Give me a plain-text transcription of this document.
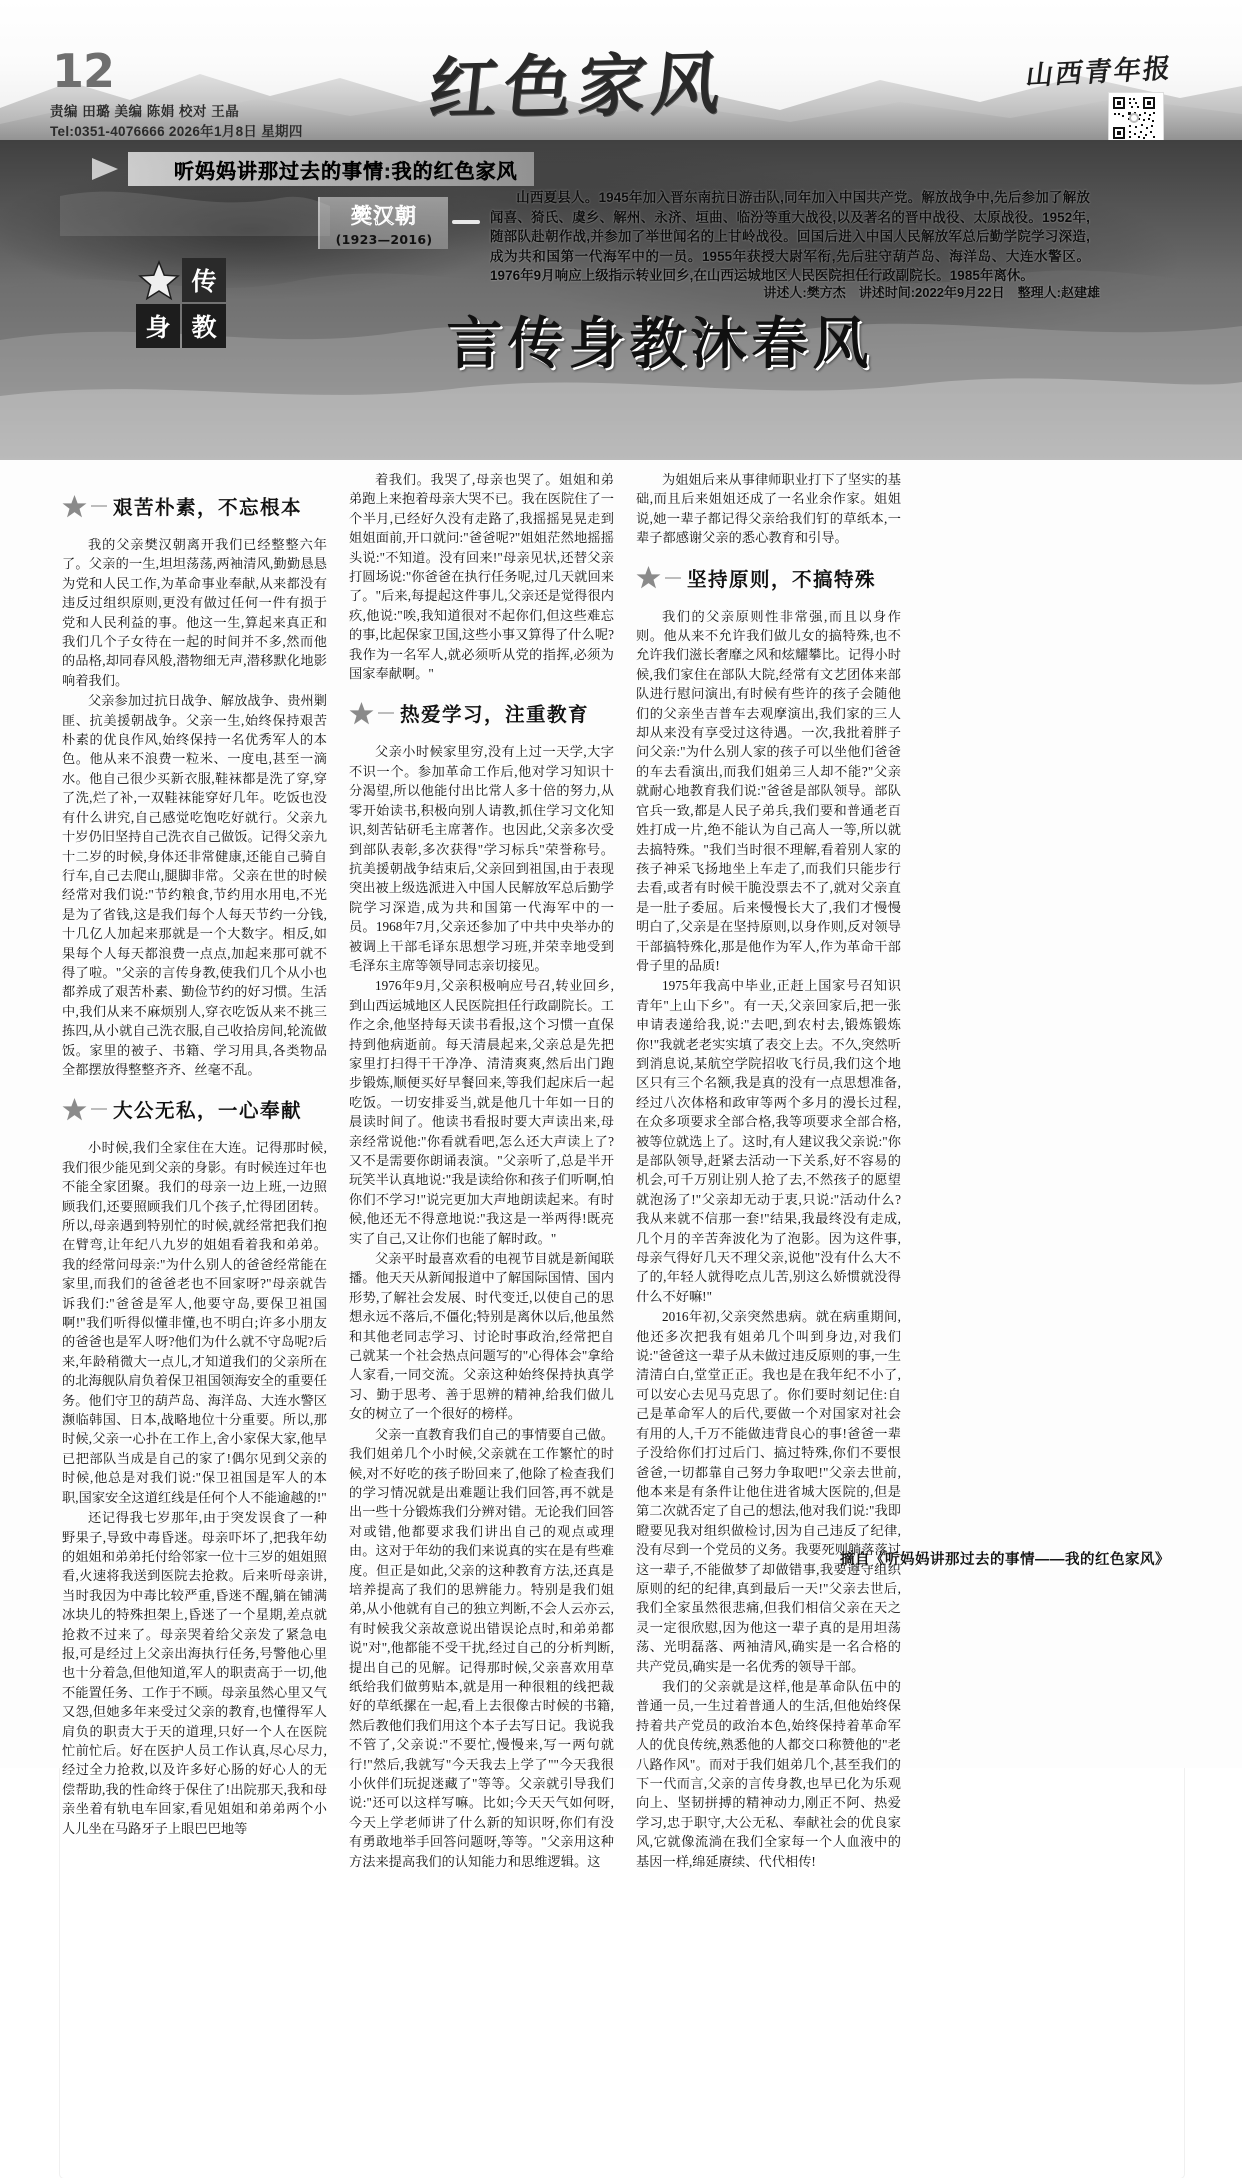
12
责编 田璐 美编 陈娟 校对 王晶
Tel:0351-4076666 2026年1月8日 星期四
红色家风	山西青年报
听妈妈讲那过去的事情:我的红色家风
樊汉朝
(1923—2016)
山西夏县人。1945年加入晋东南抗日游击队,同年加入中国共产党。解放战争中,先后参加了解放闻喜、猗氏、虞乡、解州、永济、垣曲、临汾等重大战役,以及著名的晋中战役、太原战役。1952年,随部队赴朝作战,并参加了举世闻名的上甘岭战役。回国后进入中国人民解放军总后勤学院学习深造,成为共和国第一代海军中的一员。1955年获授大尉军衔,先后驻守葫芦岛、海洋岛、大连水警区。1976年9月响应上级指示转业回乡,在山西运城地区人民医院担任行政副院长。1985年离休。
讲述人:樊方杰　讲述时间:2022年9月22日　整理人:赵建雄
传
身 教	言传身教沐春风
艰苦朴素，不忘根本

我的父亲樊汉朝离开我们已经整整六年了。父亲的一生,坦坦荡荡,两袖清风,勤勤恳恳为党和人民工作,为革命事业奉献,从来都没有违反过组织原则,更没有做过任何一件有损于党和人民利益的事。他这一生,算起来真正和我们几个子女待在一起的时间并不多,然而他的品格,却同春风般,潜物细无声,潜移默化地影响着我们。

父亲参加过抗日战争、解放战争、贵州剿匪、抗美援朝战争。父亲一生,始终保持艰苦朴素的优良作风,始终保持一名优秀军人的本色。他从来不浪费一粒米、一度电,甚至一滴水。他自己很少买新衣服,鞋袜都是洗了穿,穿了洗,烂了补,一双鞋袜能穿好几年。吃饭也没有什么讲究,自己感觉吃饱吃好就行。父亲九十岁仍旧坚持自己洗衣自己做饭。记得父亲九十二岁的时候,身体还非常健康,还能自己骑自行车,自己去爬山,腿脚非常。父亲在世的时候经常对我们说:"节约粮食,节约用水用电,不光是为了省钱,这是我们每个人每天节约一分钱,十几亿人加起来那就是一个大数字。相反,如果每个人每天都浪费一点点,加起来那可就不得了啦。"父亲的言传身教,使我们几个从小也都养成了艰苦朴素、勤俭节约的好习惯。生活中,我们从来不麻烦别人,穿衣吃饭从来不挑三拣四,从小就自己洗衣服,自己收拾房间,轮流做饭。家里的被子、书籍、学习用具,各类物品全都摆放得整整齐齐、丝毫不乱。

大公无私，一心奉献

小时候,我们全家住在大连。记得那时候,我们很少能见到父亲的身影。有时候连过年也不能全家团聚。我们的母亲一边上班,一边照顾我们,还要照顾我们几个孩子,忙得团团转。所以,母亲遇到特别忙的时候,就经常把我们抱在臂弯,让年纪八九岁的姐姐看着我和弟弟。我的经常问母亲:"为什么别人的爸爸经常能在家里,而我们的爸爸老也不回家呀?"母亲就告诉我们:"爸爸是军人,他要守岛,要保卫祖国啊!"我们听得似懂非懂,也不明白;许多小朋友的爸爸也是军人呀?他们为什么就不守岛呢?后来,年龄稍微大一点儿,才知道我们的父亲所在的北海舰队肩负着保卫祖国领海安全的重要任务。他们守卫的葫芦岛、海洋岛、大连水警区濒临韩国、日本,战略地位十分重要。所以,那时候,父亲一心扑在工作上,舍小家保大家,他早已把部队当成是自己的家了!偶尔见到父亲的时候,他总是对我们说:"保卫祖国是军人的本职,国家安全这道红线是任何个人不能逾越的!"

还记得我七岁那年,由于突发误食了一种野果子,导致中毒昏迷。母亲吓坏了,把我年幼的姐姐和弟弟托付给邻家一位十三岁的姐姐照看,火速将我送到医院去抢救。后来听母亲讲,当时我因为中毒比较严重,昏迷不醒,躺在铺满冰块儿的特殊担架上,昏迷了一个星期,差点就抢救不过来了。母亲哭着给父亲发了紧急电报,可是经过上父亲出海执行任务,号警他心里也十分着急,但他知道,军人的职责高于一切,他不能置任务、工作于不顾。母亲虽然心里又气又怨,但她多年来受过父亲的教育,也懂得军人肩负的职责大于天的道理,只好一个人在医院忙前忙后。好在医护人员工作认真,尽心尽力,经过全力抢救,以及许多好心肠的好心人的无偿帮助,我的性命终于保住了!出院那天,我和母亲坐着有轨电车回家,看见姐姐和弟弟两个小人儿坐在马路牙子上眼巴巴地等

着我们。我哭了,母亲也哭了。姐姐和弟弟跑上来抱着母亲大哭不已。我在医院住了一个半月,已经好久没有走路了,我摇摇晃晃走到姐姐面前,开口就问:"爸爸呢?"姐姐茫然地摇摇头说:"不知道。没有回来!"母亲见状,还替父亲打圆场说:"你爸爸在执行任务呢,过几天就回来了。"后来,每提起这件事儿,父亲还是觉得很内疚,他说:"唉,我知道很对不起你们,但这些难忘的事,比起保家卫国,这些小事又算得了什么呢?我作为一名军人,就必须听从党的指挥,必须为国家奉献啊。"

热爱学习，注重教育

父亲小时候家里穷,没有上过一天学,大字不识一个。参加革命工作后,他对学习知识十分渴望,所以他能付出比常人多十倍的努力,从零开始读书,积极向别人请教,抓住学习文化知识,刻苦钻研毛主席著作。也因此,父亲多次受到部队表彰,多次获得"学习标兵"荣誉称号。抗美援朝战争结束后,父亲回到祖国,由于表现突出被上级选派进入中国人民解放军总后勤学院学习深造,成为共和国第一代海军中的一员。1968年7月,父亲还参加了中共中央举办的被调上干部毛译东思想学习班,并荣幸地受到毛泽东主席等领导同志亲切接见。

1976年9月,父亲积极响应号召,转业回乡,到山西运城地区人民医院担任行政副院长。工作之余,他坚持每天读书看报,这个习惯一直保持到他病逝前。每天清晨起来,父亲总是先把家里打扫得干干净净、清清爽爽,然后出门跑步锻炼,顺便买好早餐回来,等我们起床后一起吃饭。一切安排妥当,就是他几十年如一日的晨读时间了。他读书看报时要大声读出来,母亲经常说他:"你看就看吧,怎么还大声读上了?又不是需要你朗诵表演。"父亲听了,总是半开玩笑半认真地说:"我是读给你和孩子们听啊,怕你们不学习!"说完更加大声地朗读起来。有时候,他还无不得意地说:"我这是一举两得!既亮实了自己,又让你们也能了解时政。"

父亲平时最喜欢看的电视节目就是新闻联播。他天天从新闻报道中了解国际国情、国内形势,了解社会发展、时代变迁,以使自己的思想永远不落后,不僵化;特别是离休以后,他虽然和其他老同志学习、讨论时事政治,经常把自己就某一个社会热点问题写的"心得体会"拿给人家看,一同交流。父亲这种始终保持执真学习、勤于思考、善于思辨的精神,给我们做儿女的树立了一个很好的榜样。

父亲一直教育我们自己的事情要自己做。我们姐弟几个小时候,父亲就在工作繁忙的时候,对不好吃的孩子盼回来了,他除了检查我们的学习情况就是出难题让我们回答,再不就是出一些十分锻炼我们分辨对错。无论我们回答对或错,他都要求我们讲出自己的观点或理由。这对于年幼的我们来说真的实在是有些难度。但正是如此,父亲的这种教育方法,还真是培养提高了我们的思辨能力。特别是我们姐弟,从小他就有自己的独立判断,不会人云亦云,有时候我父亲故意说出错误论点时,和弟弟都说"对",他都能不受干扰,经过自己的分析判断,提出自己的见解。记得那时候,父亲喜欢用草纸给我们做剪贴本,就是用一种很粗的线把裁好的草纸摞在一起,看上去很像古时候的书籍,然后教他们我们用这个本子去写日记。我说我不管了,父亲说:"不要忙,慢慢来,写一两句就行!"然后,我就写"今天我去上学了""今天我很小伙伴们玩捉迷藏了"等等。父亲就引导我们说:"还可以这样写嘛。比如;今天天气如何呀,今天上学老师讲了什么新的知识呀,你们有没有勇敢地举手回答问题呀,等等。"父亲用这种方法来提高我们的认知能力和思维逻辑。这

为姐姐后来从事律师职业打下了坚实的基础,而且后来姐姐还成了一名业余作家。姐姐说,她一辈子都记得父亲给我们钉的草纸本,一辈子都感谢父亲的悉心教育和引导。

坚持原则，不搞特殊

我们的父亲原则性非常强,而且以身作则。他从来不允许我们做儿女的搞特殊,也不允许我们滋长奢靡之风和炫耀攀比。记得小时候,我们家住在部队大院,经常有文艺团体来部队进行慰问演出,有时候有些许的孩子会随他们的父亲坐吉普车去观摩演出,我们家的三人却从来没有享受过这待遇。一次,我批着胖子问父亲:"为什么别人家的孩子可以坐他们爸爸的车去看演出,而我们姐弟三人却不能?"父亲就耐心地教育我们说:"爸爸是部队领导。部队官兵一致,都是人民子弟兵,我们要和普通老百姓打成一片,绝不能认为自己高人一等,所以就去搞特殊。"我们当时很不理解,看着别人家的孩子神采飞扬地坐上车走了,而我们只能步行去看,或者有时候干脆没票去不了,就对父亲直是一肚子委屈。后来慢慢长大了,我们才慢慢明白了,父亲是在坚持原则,以身作则,反对领导干部搞特殊化,那是他作为军人,作为革命干部骨子里的品质!

1975年我高中毕业,正赶上国家号召知识青年"上山下乡"。有一天,父亲回家后,把一张申请表递给我,说:"去吧,到农村去,锻炼锻炼你!"我就老老实实填了表交上去。不久,突然听到消息说,某航空学院招收飞行员,我们这个地区只有三个名额,我是真的没有一点思想准备,经过八次体格和政审等两个多月的漫长过程,在众多项要求全部合格,我等项要求全部合格,被等位就选上了。这时,有人建议我父亲说:"你是部队领导,赶紧去活动一下关系,好不容易的机会,可千万别让别人抢了去,不然孩子的愿望就泡汤了!"父亲却无动于衷,只说:"活动什么?我从来就不信那一套!"结果,我最终没有走成,几个月的辛苦奔波化为了泡影。因为这件事,母亲气得好几天不理父亲,说他"没有什么大不了的,年轻人就得吃点儿苦,别这么娇惯就没得什么不好嘛!"

2016年初,父亲突然患病。就在病重期间,他还多次把我有姐弟几个叫到身边,对我们说:"爸爸这一辈子从未做过违反原则的事,一生清清白白,堂堂正正。我也是在我年纪不小了,可以安心去见马克思了。你们要时刻记住:自己是革命军人的后代,要做一个对国家对社会有用的人,千万不能做违背良心的事!爸爸一辈子没给你们打过后门、搞过特殊,你们不要恨爸爸,一切都靠自己努力争取吧!"父亲去世前,他本来是有条件让他住进省城大医院的,但是第二次就否定了自己的想法,他对我们说:"我即瞪要见我对组织做检讨,因为自己违反了纪律,没有尽到一个党员的义务。我要死则躺落落过这一辈子,不能做梦了却做错事,我要遵守组织原则的纪的纪律,真到最后一天!"父亲去世后,我们全家虽然很悲痛,但我们相信父亲在天之灵一定很欣慰,因为他这一辈子真的是用坦荡荡、光明磊落、两袖清风,确实是一名合格的共产党员,确实是一名优秀的领导干部。

我们的父亲就是这样,他是革命队伍中的普通一员,一生过着普通人的生活,但他始终保持着共产党员的政治本色,始终保持着革命军人的优良传统,熟悉他的人都交口称赞他的"老八路作风"。而对于我们姐弟几个,甚至我们的下一代而言,父亲的言传身教,也早已化为乐观向上、坚韧拼搏的精神动力,刚正不阿、热爱学习,忠于职守,大公无私、奉献社会的优良家风,它就像流淌在我们全家每一个人血液中的基因一样,绵延赓续、代代相传!

摘自《听妈妈讲那过去的事情——我的红色家风》
